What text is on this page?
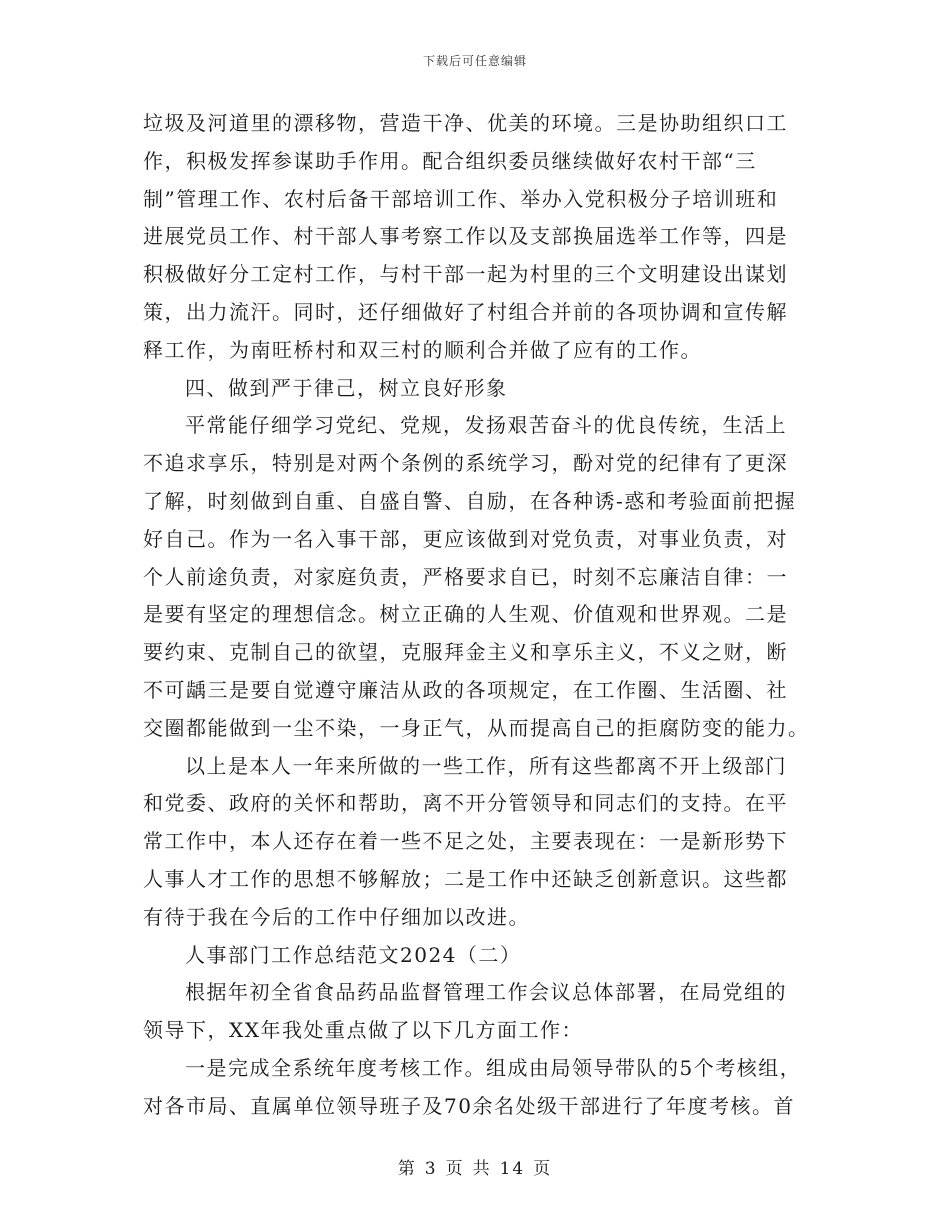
下载后可任意编辑
垃圾及河道里的漂移物，营造干净、优美的环境。三是协助组织口工
作，积极发挥参谋助手作用。配合组织委员继续做好农村干部“三
制”管理工作、农村后备干部培训工作、举办入党积极分子培训班和
进展党员工作、村干部人事考察工作以及支部换届选举工作等，四是
积极做好分工定村工作，与村干部一起为村里的三个文明建设出谋划
策，出力流汗。同时，还仔细做好了村组合并前的各项协调和宣传解
释工作，为南旺桥村和双三村的顺利合并做了应有的工作。
四、做到严于律己，树立良好形象
平常能仔细学习党纪、党规，发扬艰苦奋斗的优良传统，生活上
不追求享乐，特别是对两个条例的系统学习，酚对党的纪律有了更深
了解，时刻做到自重、自盛自警、自励，在各种诱-惑和考验面前把握
好自己。作为一名入事干部，更应该做到对党负责，对事业负责，对
个人前途负责，对家庭负责，严格要求自已，时刻不忘廉洁自律：一
是要有坚定的理想信念。树立正确的人生观、价值观和世界观。二是
要约束、克制自己的欲望，克服拜金主义和享乐主义，不义之财，断
不可龋三是要自觉遵守廉洁从政的各项规定，在工作圈、生活圈、社
交圈都能做到一尘不染，一身正气，从而提高自己的拒腐防变的能力。
以上是本人一年来所做的一些工作，所有这些都离不开上级部门
和党委、政府的关怀和帮助，离不开分管领导和同志们的支持。在平
常工作中，本人还存在着一些不足之处，主要表现在：一是新形势下
人事人才工作的思想不够解放；二是工作中还缺乏创新意识。这些都
有待于我在今后的工作中仔细加以改进。
人事部门工作总结范文2024（二）
根据年初全省食品药品监督管理工作会议总体部署，在局党组的
领导下，XX年我处重点做了以下几方面工作：
一是完成全系统年度考核工作。组成由局领导带队的5个考核组，
对各市局、直属单位领导班子及70余名处级干部进行了年度考核。首
第 3 页 共 14 页
